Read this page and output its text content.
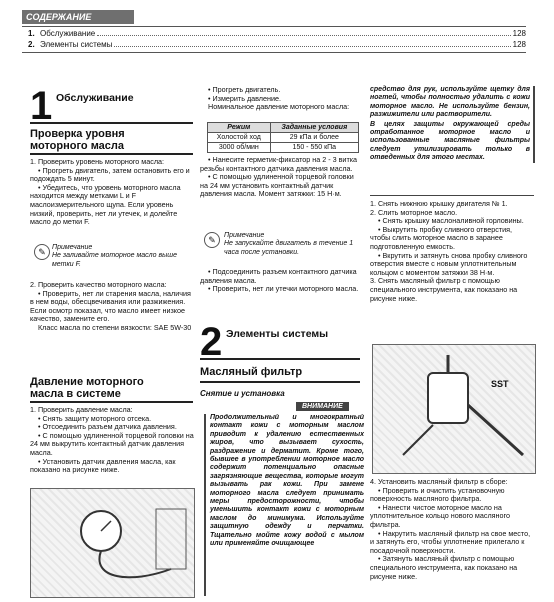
СОДЕРЖАНИЕ
1. Обслуживание	128
2. Элементы системы	128
1 Обслуживание
Проверка уровня
моторного масла

1. Проверить уровень моторного масла:

• Прогреть двигатель, затем остановить его и подождать 5 минут.

• Убедитесь, что уровень моторного масла находится между метками L и F маслоизмерительного щупа. Если уровень низкий, проверить, нет ли утечек, и долейте масло до метки F.

Примечание
Не заливайте моторное масло выше метки F.
✎

2. Проверить качество моторного масла:

• Проверить, нет ли старения масла, наличия в нем воды, обесцвечивания или разжижения. Если осмотр показал, что масло имеет низкое качество, замените его.

Класс масла по степени вязкости: SAE 5W-30

Давление моторного
масла в системе

1. Проверить давление масла:

• Снять защиту моторного отсека.

• Отсоединить разъем датчика давления.

• С помощью удлиненной торцевой головки на 24 мм выкрутить контактный датчик давления масла.

• Установить датчик давления масла, как показано на рисунке ниже.

• Прогреть двигатель.

• Измерить давление.

Номинальное давление моторного масла:

Режим	Заданные условия
Холостой ход	29 кПа и более
3000 об/мин	150 - 550 кПа

• Нанесите герметик-фиксатор на 2 - 3 витка резьбы контактного датчика давления масла.

• С помощью удлиненной торцевой головки на 24 мм установить контактный датчик давления масла. Момент затяжки: 15 Н·м.

✎	Примечание
Не запускайте двигатель в течение 1 часа после установки.

• Подсоединить разъем контактного датчика давления масла.

• Проверить, нет ли утечки моторного масла.

2 Элементы системы
Масляный фильтр
Снятие и установка
ВНИМАНИЕ
Продолжительный и многократный контакт кожи с моторным маслом приводит к удалению естественных жиров, что вызывает сухость, раздражение и дерматит. Кроме того, бывшее в употреблении моторное масло содержит потенциально опасные загрязняющие вещества, которые могут вызывать рак кожи. При замене моторного масла следует принимать меры предосторожности, чтобы уменьшить контакт кожи с моторным маслом до минимума. Используйте защитную одежду и перчатки. Тщательно мойте кожу водой с мылом или применяйте очищающее
средство для рук, используйте щетку для ногтей, чтобы полностью удалить с кожи моторное масло. Не используйте бензин, разжижители или растворители.
В целях защиты окружающей среды отработанное моторное масло и использованные масляные фильтры следует утилизировать только в отведенных для этого местах.

1. Снять нижнюю крышку двигателя № 1.

2. Слить моторное масло.

• Снять крышку маслоналивной горловины.

• Выкрутить пробку сливного отверстия, чтобы слить моторное масло в заранее подготовленную емкость.

• Вкрутить и затянуть снова пробку сливного отверстия вместе с новым уплотнительным кольцом с моментом затяжки 38 Н·м.

3. Снять масляный фильтр с помощью специального инструмента, как показано на рисунке ниже.

SST

4. Установить масляный фильтр в сборе:

• Проверить и очистить установочную поверхность масляного фильтра.

• Нанести чистое моторное масло на уплотнительное кольцо нового масляного фильтра.

• Накрутить масляный фильтр на свое место, и затянуть его, чтобы уплотнение прилегало к посадочной поверхности.

• Затянуть масляный фильтр с помощью специального инструмента, как показано на рисунке ниже.
